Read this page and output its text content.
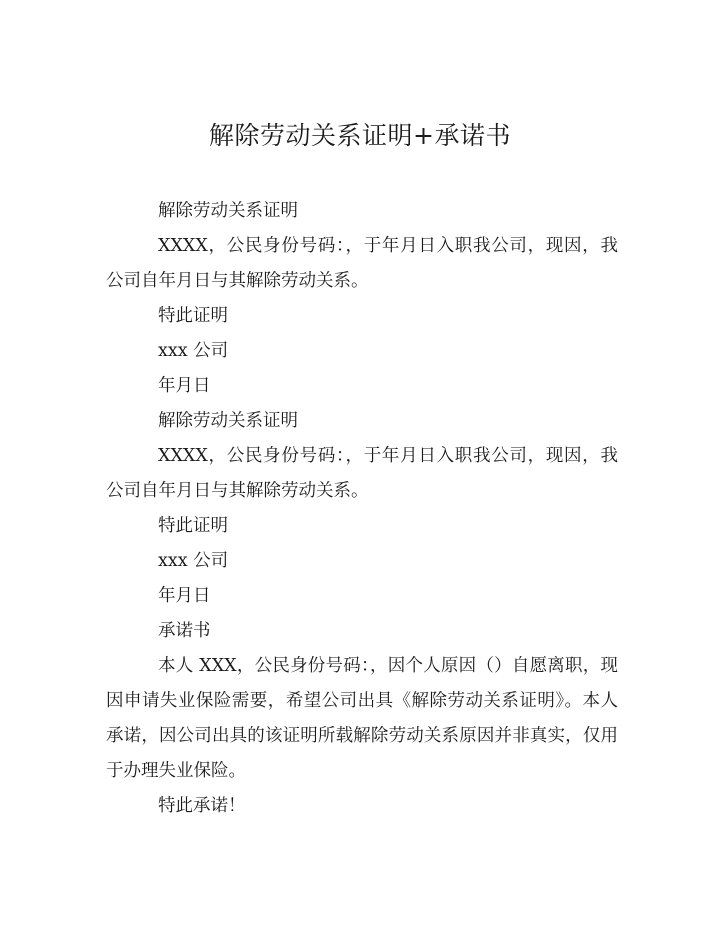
解除劳动关系证明+承诺书

解除劳动关系证明

XXXX，公民身份号码：，于年月日入职我公司，现因，我公司自年月日与其解除劳动关系。

特此证明

xxx 公司

年月日

解除劳动关系证明

XXXX，公民身份号码：，于年月日入职我公司，现因，我公司自年月日与其解除劳动关系。

特此证明

xxx 公司

年月日

承诺书

本人 XXX，公民身份号码：，因个人原因（）自愿离职，现因申请失业保险需要，希望公司出具《解除劳动关系证明》。本人承诺，因公司出具的该证明所载解除劳动关系原因并非真实，仅用于办理失业保险。

特此承诺！
